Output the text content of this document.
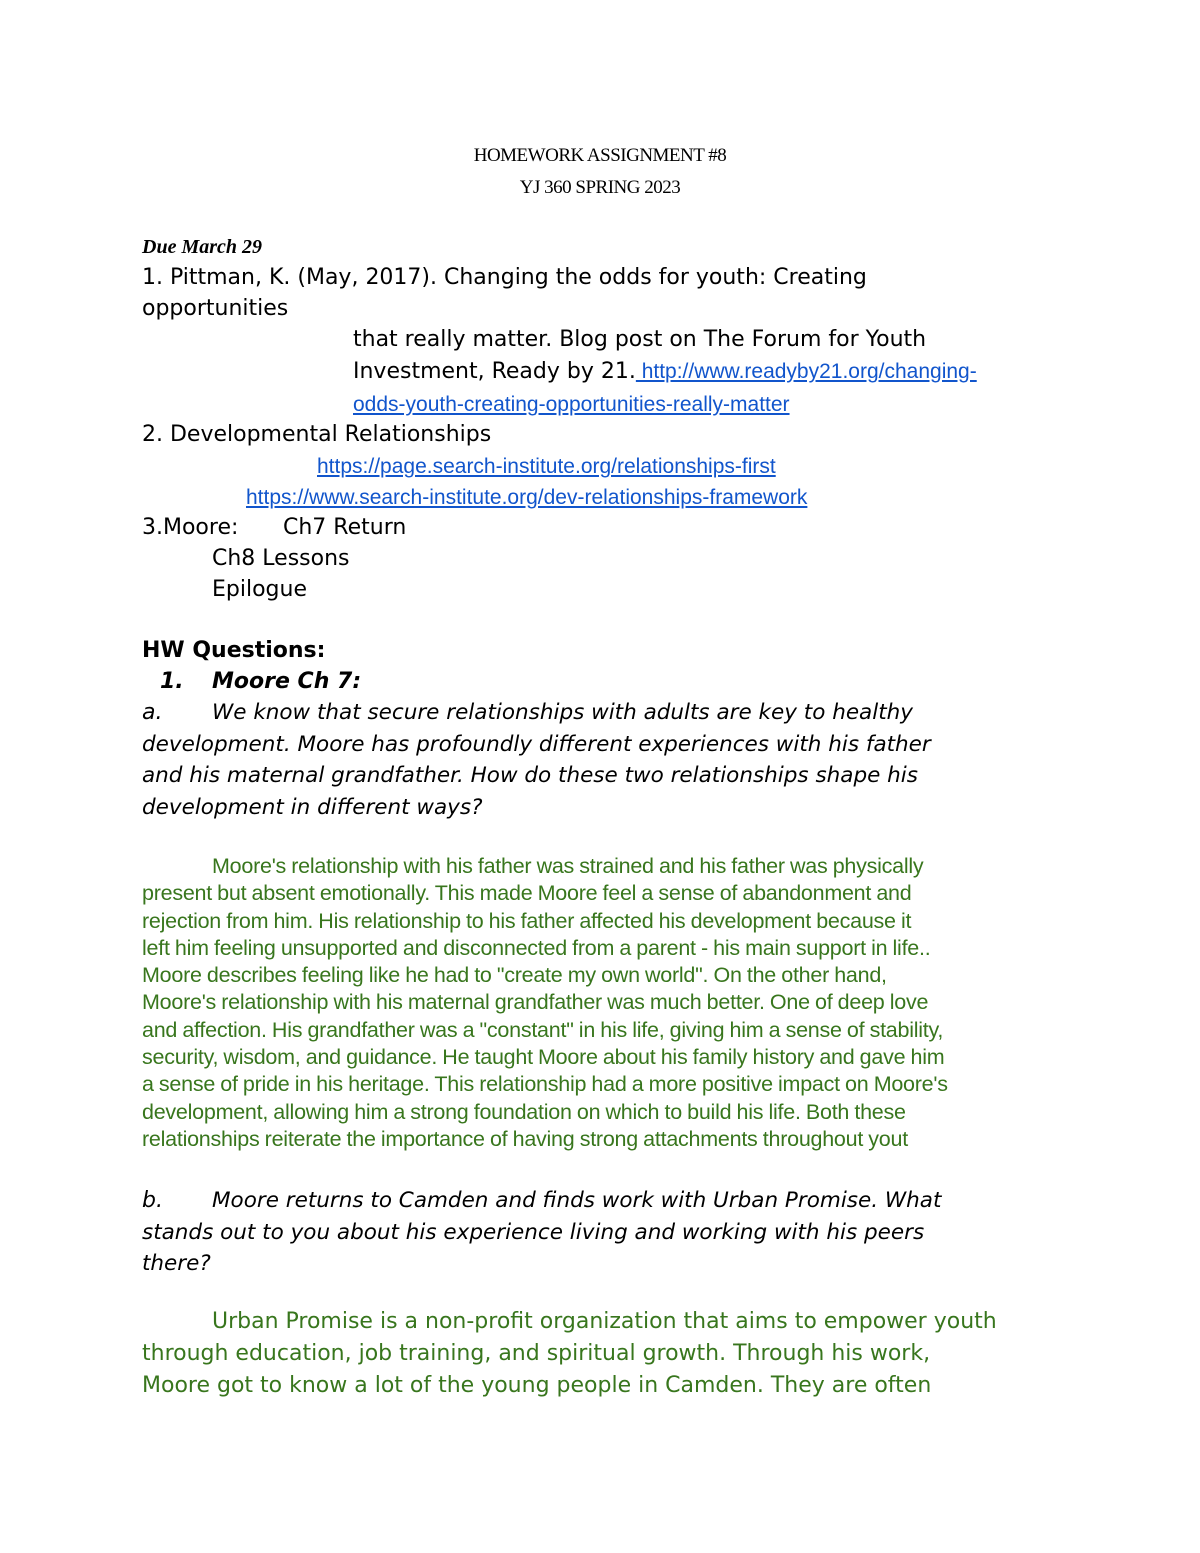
HOMEWORK ASSIGNMENT #8
YJ 360 SPRING 2023
Due March 29
1. Pittman, K. (May, 2017). Changing the odds for youth: Creating
opportunities
that really matter. Blog post on The Forum for Youth
Investment, Ready by 21. http://www.readyby21.org/changing-
odds-youth-creating-opportunities-really-matter
2. Developmental Relationships
https://page.search-institute.org/relationships-first
https://www.search-institute.org/dev-relationships-framework
3.Moore: Ch7 Return
Ch8 Lessons
Epilogue
HW Questions:
1. Moore Ch 7:
a.	We know that secure relationships with adults are key to healthy
development. Moore has profoundly different experiences with his father
and his maternal grandfather. How do these two relationships shape his
development in different ways?
Moore's relationship with his father was strained and his father was physically
present but absent emotionally. This made Moore feel a sense of abandonment and
rejection from him. His relationship to his father affected his development because it
left him feeling unsupported and disconnected from a parent - his main support in life..
Moore describes feeling like he had to "create my own world". On the other hand,
Moore's relationship with his maternal grandfather was much better. One of deep love
and affection. His grandfather was a "constant" in his life, giving him a sense of stability,
security, wisdom, and guidance. He taught Moore about his family history and gave him
a sense of pride in his heritage. This relationship had a more positive impact on Moore's
development, allowing him a strong foundation on which to build his life. Both these
relationships reiterate the importance of having strong attachments throughout yout
b.	Moore returns to Camden and finds work with Urban Promise. What
stands out to you about his experience living and working with his peers
there?
Urban Promise is a non-profit organization that aims to empower youth
through education, job training, and spiritual growth. Through his work,
Moore got to know a lot of the young people in Camden. They are often
